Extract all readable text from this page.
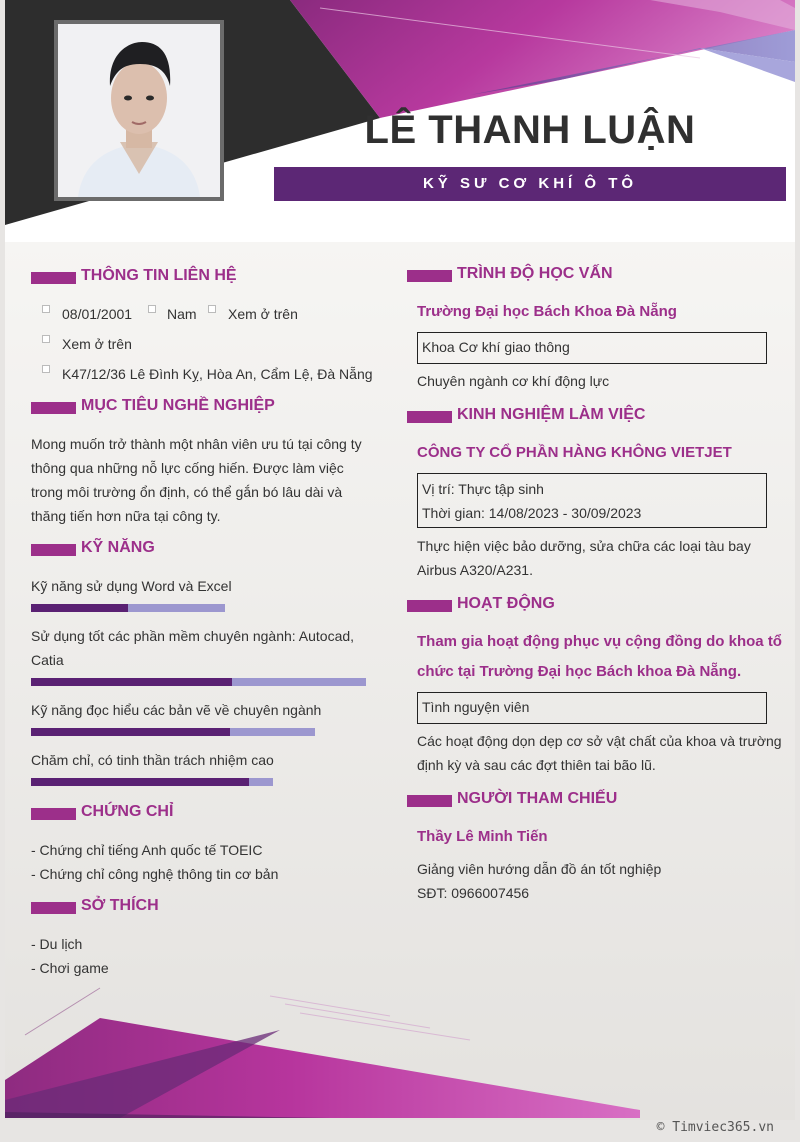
LÊ THANH LUẬN
KỸ SƯ CƠ KHÍ Ô TÔ
THÔNG TIN LIÊN HỆ
08/01/2001 Nam Xem ở trên
Xem ở trên
K47/12/36 Lê Đình Kỵ, Hòa An, Cẩm Lệ, Đà Nẵng
MỤC TIÊU NGHỀ NGHIỆP
Mong muốn trở thành một nhân viên ưu tú tại công ty
thông qua những nỗ lực cống hiến. Được làm việc
trong môi trường ổn định, có thể gắn bó lâu dài và
thăng tiến hơn nữa tại công ty.
KỸ NĂNG
Kỹ năng sử dụng Word và Excel
Sử dụng tốt các phần mềm chuyên ngành: Autocad,
Catia
Kỹ năng đọc hiểu các bản vẽ về chuyên ngành
Chăm chỉ, có tinh thần trách nhiệm cao
CHỨNG CHỈ
- Chứng chỉ tiếng Anh quốc tế TOEIC
- Chứng chỉ công nghệ thông tin cơ bản
SỞ THÍCH
- Du lịch
- Chơi game
TRÌNH ĐỘ HỌC VẤN
Trường Đại học Bách Khoa Đà Nẵng
Khoa Cơ khí giao thông
Chuyên ngành cơ khí động lực
KINH NGHIỆM LÀM VIỆC
CÔNG TY CỔ PHẦN HÀNG KHÔNG VIETJET
Vị trí: Thực tập sinh
Thời gian: 14/08/2023 - 30/09/2023
Thực hiện việc bảo dưỡng, sửa chữa các loại tàu bay
Airbus A320/A231.
HOẠT ĐỘNG
Tham gia hoạt động phục vụ cộng đồng do khoa tổ
chức tại Trường Đại học Bách khoa Đà Nẵng.
Tình nguyện viên
Các hoạt động dọn dẹp cơ sở vật chất của khoa và trường
định kỳ và sau các đợt thiên tai bão lũ.
NGƯỜI THAM CHIẾU
Thầy Lê Minh Tiến
Giảng viên hướng dẫn đồ án tốt nghiệp
SĐT: 0966007456
© Timviec365.vn
